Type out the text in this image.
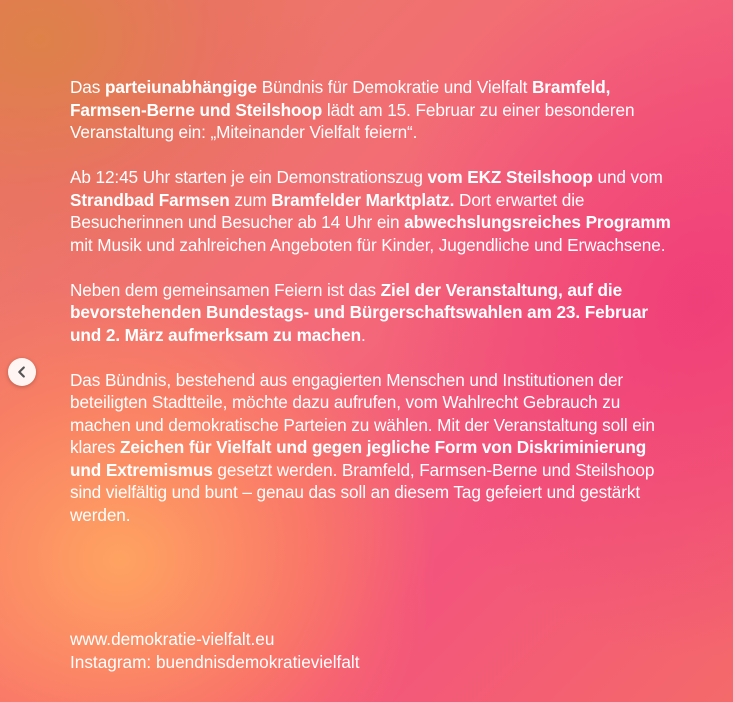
Das parteiunabhängige Bündnis für Demokratie und Vielfalt Bramfeld, Farmsen-Berne und Steilshoop lädt am 15. Februar zu einer besonderen Veranstaltung ein: „Miteinander Vielfalt feiern“.

Ab 12:45 Uhr starten je ein Demonstrationszug vom EKZ Steilshoop und vom Strandbad Farmsen zum Bramfelder Marktplatz. Dort erwartet die Besucherinnen und Besucher ab 14 Uhr ein abwechslungsreiches Programm mit Musik und zahlreichen Angeboten für Kinder, Jugendliche und Erwachsene.

Neben dem gemeinsamen Feiern ist das Ziel der Veranstaltung, auf die bevorstehenden Bundestags- und Bürgerschaftswahlen am 23. Februar und 2. März aufmerksam zu machen.

Das Bündnis, bestehend aus engagierten Menschen und Institutionen der beteiligten Stadtteile, möchte dazu aufrufen, vom Wahlrecht Gebrauch zu machen und demokratische Parteien zu wählen. Mit der Veranstaltung soll ein klares Zeichen für Vielfalt und gegen jegliche Form von Diskriminierung und Extremismus gesetzt werden. Bramfeld, Farmsen-Berne und Steilshoop sind vielfältig und bunt – genau das soll an diesem Tag gefeiert und gestärkt werden.

www.demokratie-vielfalt.eu
Instagram: buendnisdemokratievielfalt
